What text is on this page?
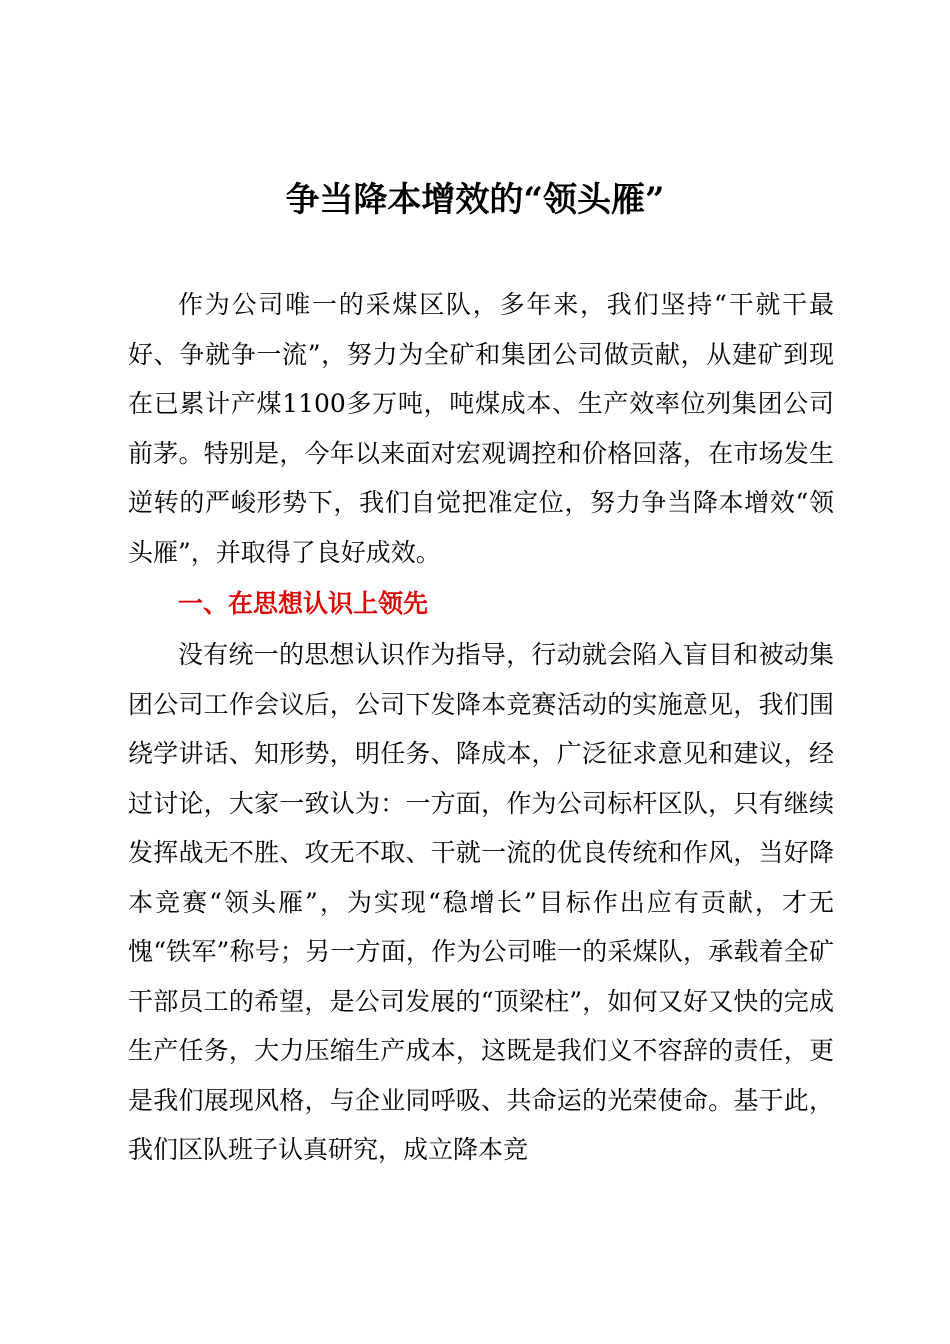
争当降本增效的“领头雁”

作为公司唯一的采煤区队，多年来，我们坚持“干就干最好、争就争一流”，努力为全矿和集团公司做贡献，从建矿到现在已累计产煤1100多万吨，吨煤成本、生产效率位列集团公司前茅。特别是，今年以来面对宏观调控和价格回落，在市场发生逆转的严峻形势下，我们自觉把准定位，努力争当降本增效“领头雁”，并取得了良好成效。

一、在思想认识上领先

没有统一的思想认识作为指导，行动就会陷入盲目和被动集团公司工作会议后，公司下发降本竞赛活动的实施意见，我们围绕学讲话、知形势，明任务、降成本，广泛征求意见和建议，经过讨论，大家一致认为：一方面，作为公司标杆区队，只有继续发挥战无不胜、攻无不取、干就一流的优良传统和作风，当好降本竞赛“领头雁”，为实现“稳增长”目标作出应有贡献，才无愧“铁军”称号；另一方面，作为公司唯一的采煤队，承载着全矿干部员工的希望，是公司发展的“顶梁柱”，如何又好又快的完成生产任务，大力压缩生产成本，这既是我们义不容辞的责任，更是我们展现风格，与企业同呼吸、共命运的光荣使命。基于此，我们区队班子认真研究，成立降本竞
